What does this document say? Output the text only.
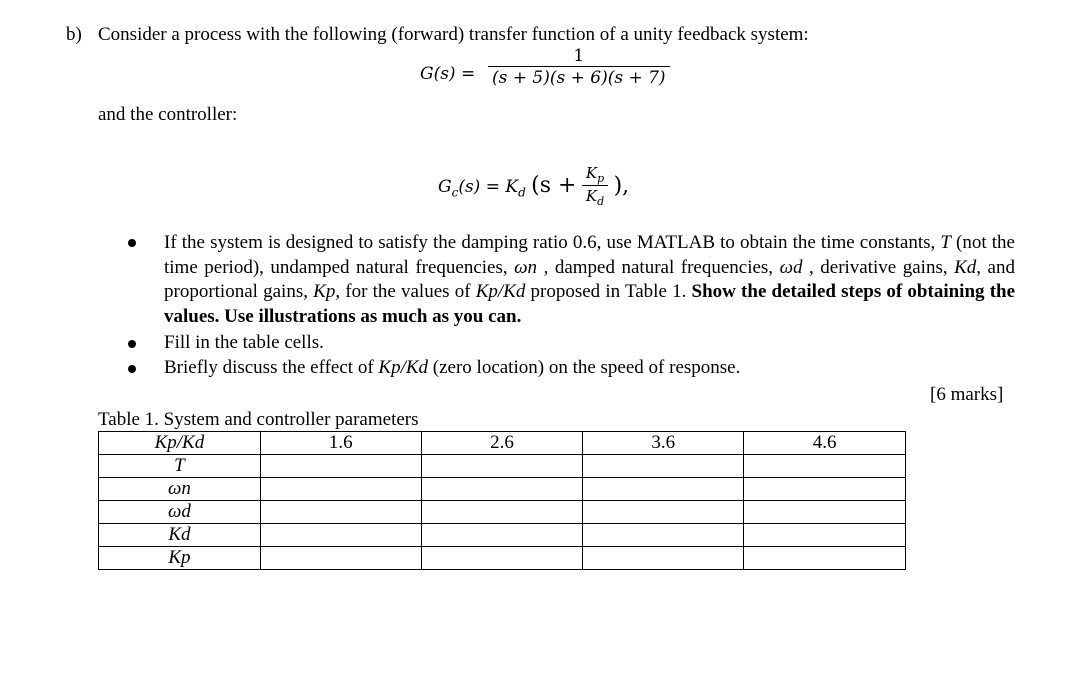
b) Consider a process with the following (forward) transfer function of a unity feedback system:
$G(s) = \frac{1}{(s + 5)(s + 6)(s + 7)}$
and the controller:
$G_c(s) = K_d$ ($s + \frac{K_p}{K_d}$ ),
If the system is designed to satisfy the damping ratio 0.6, use MATLAB to obtain the time constants, T (not the time period), undamped natural frequencies, ωn , damped natural frequencies, ωd , derivative gains, Kd, and proportional gains, Kp, for the values of Kp/Kd proposed in Table 1. Show the detailed steps of obtaining the values. Use illustrations as much as you can.
Fill in the table cells.
Briefly discuss the effect of Kp/Kd (zero location) on the speed of response.
[6 marks]
Table 1. System and controller parameters
Kp/Kd	1.6	2.6	3.6	4.6
T				
ωn				
ωd				
Kd				
Kp				
